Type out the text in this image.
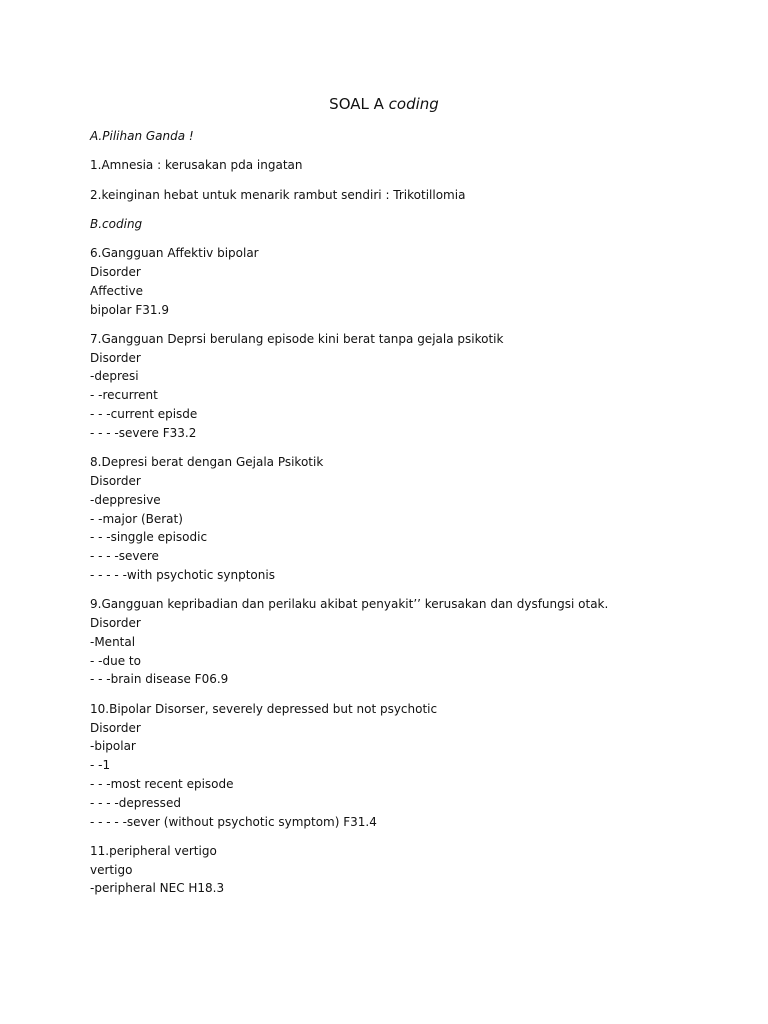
SOAL A coding

A.Pilihan Ganda !

1.Amnesia : kerusakan pda ingatan

2.keinginan hebat untuk menarik rambut sendiri : Trikotillomia

B.coding

6.Gangguan Affektiv bipolar
Disorder
Affective
bipolar F31.9

7.Gangguan Deprsi berulang episode kini berat tanpa gejala psikotik
Disorder
-depresi
- -recurrent
- - -current episde
- - - -severe F33.2

8.Depresi berat dengan Gejala Psikotik
Disorder
-deppresive
- -major (Berat)
- - -singgle episodic
- - - -severe
- - - - -with psychotic synptonis

9.Gangguan kepribadian dan perilaku akibat penyakit’’ kerusakan dan dysfungsi otak.
Disorder
-Mental
- -due to
- - -brain disease F06.9

10.Bipolar Disorser, severely depressed but not psychotic
Disorder
-bipolar
- -1
- - -most recent episode
- - - -depressed
- - - - -sever (without psychotic symptom) F31.4

11.peripheral vertigo
vertigo
-peripheral NEC H18.3
